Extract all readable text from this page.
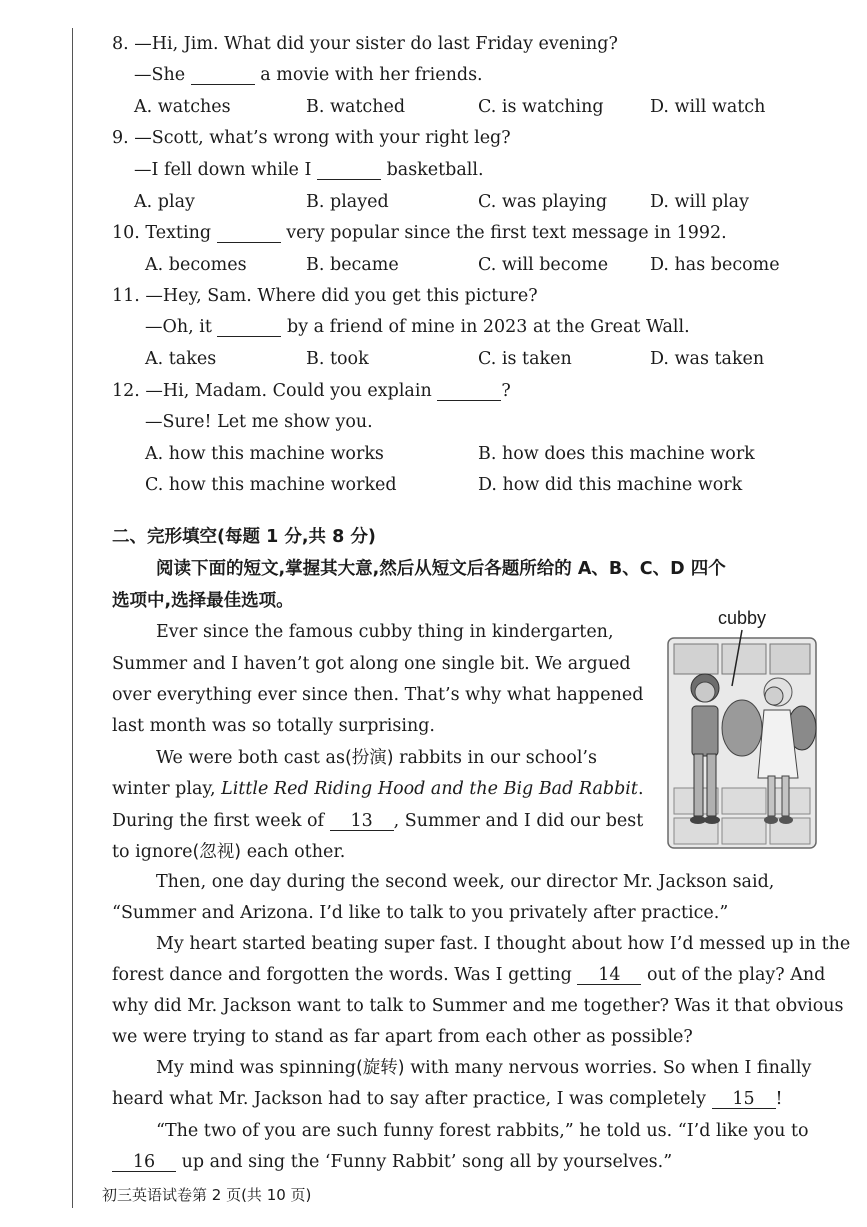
8. —Hi, Jim. What did your sister do last Friday evening?
—She	a movie with her friends.
A. watches	B. watched	C. is watching	D. will watch
9. —Scott, what’s wrong with your right leg?
—I fell down while I	basketball.
A. play	B. played	C. was playing D. will play
10. Texting	very popular since the first text message in 1992.
A. becomes	B. became	C. will become D. has become
11. —Hey, Sam. Where did you get this picture?
—Oh, it	by a friend of mine in 2023 at the Great Wall.
A. takes	B. took	C. is taken	D. was taken
12. —Hi, Madam. Could you explain	?
—Sure! Let me show you.
A. how this machine works	B. how does this machine work
C. how this machine worked	D. how did this machine work
二、完形填空(每题 1 分,共 8 分)
阅读下面的短文,掌握其大意,然后从短文后各题所给的 A、B、C、D 四个
选项中,选择最佳选项。
cubby
Ever since the famous cubby thing in kindergarten,
Summer and I haven’t got along one single bit. We argued
over everything ever since then. That’s why what happened
last month was so totally surprising.
We were both cast as(扮演) rabbits in our school’s
winter play, Little Red Riding Hood and the Big Bad Rabbit.
During the first week of 13 , Summer and I did our best
to ignore(忽视) each other.
Then, one day during the second week, our director Mr. Jackson said,
“Summer and Arizona. I’d like to talk to you privately after practice.”
My heart started beating super fast. I thought about how I’d messed up in the
forest dance and forgotten the words. Was I getting 14 out of the play? And
why did Mr. Jackson want to talk to Summer and me together? Was it that obvious
we were trying to stand as far apart from each other as possible?
My mind was spinning(旋转) with many nervous worries. So when I finally
heard what Mr. Jackson had to say after practice, I was completely 15 !
“The two of you are such funny forest rabbits,” he told us. “I’d like you to
16 up and sing the ‘Funny Rabbit’ song all by yourselves.”
初三英语试卷第 2 页(共 10 页)
